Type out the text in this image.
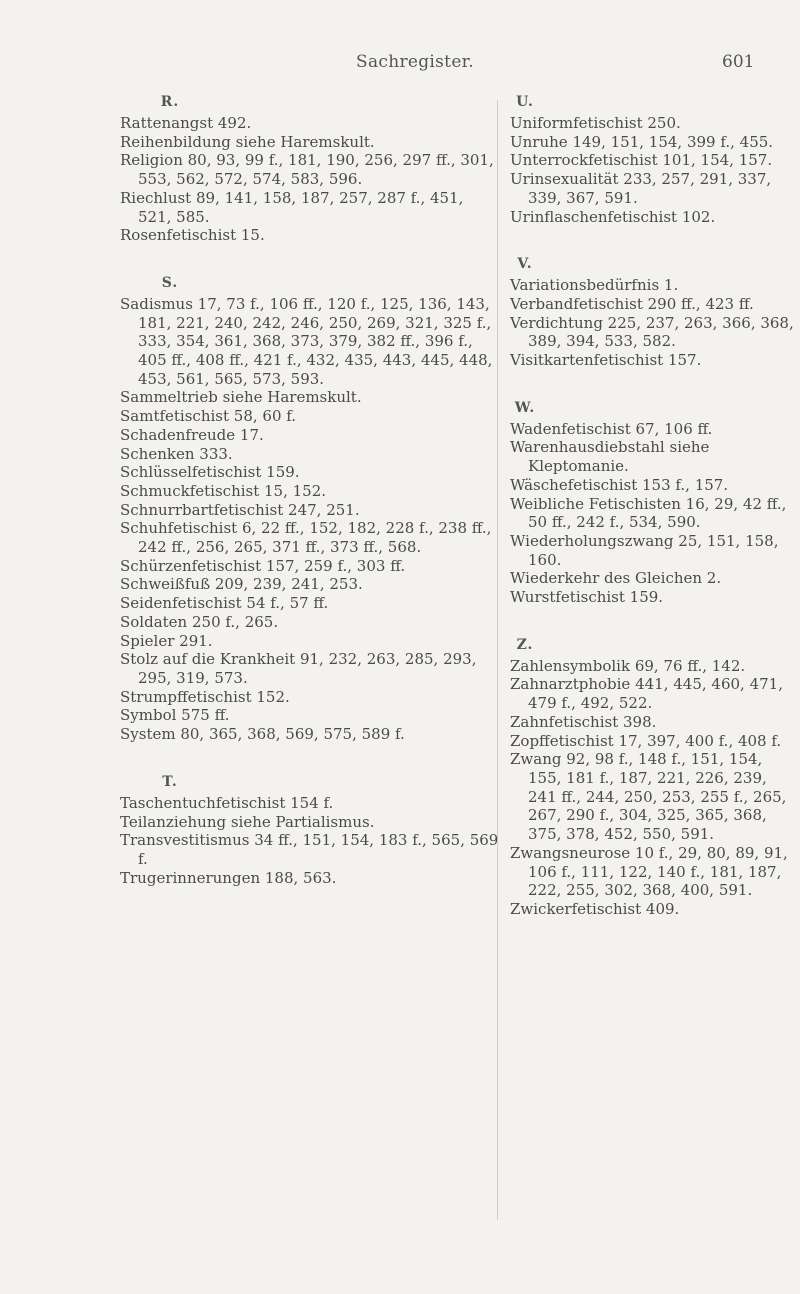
Sachregister.	601
R.
Rattenangst 492.
Reihenbildung siehe Haremskult.
Religion 80, 93, 99 f., 181, 190, 256, 297 ff., 301, 553, 562, 572, 574, 583, 596.
Riechlust 89, 141, 158, 187, 257, 287 f., 451, 521, 585.
Rosenfetischist 15.
S.
Sadismus 17, 73 f., 106 ff., 120 f., 125, 136, 143, 181, 221, 240, 242, 246, 250, 269, 321, 325 f., 333, 354, 361, 368, 373, 379, 382 ff., 396 f., 405 ff., 408 ff., 421 f., 432, 435, 443, 445, 448, 453, 561, 565, 573, 593.
Sammeltrieb siehe Haremskult.
Samtfetischist 58, 60 f.
Schadenfreude 17.
Schenken 333.
Schlüsselfetischist 159.
Schmuckfetischist 15, 152.
Schnurrbartfetischist 247, 251.
Schuhfetischist 6, 22 ff., 152, 182, 228 f., 238 ff., 242 ff., 256, 265, 371 ff., 373 ff., 568.
Schürzenfetischist 157, 259 f., 303 ff.
Schweißfuß 209, 239, 241, 253.
Seidenfetischist 54 f., 57 ff.
Soldaten 250 f., 265.
Spieler 291.
Stolz auf die Krankheit 91, 232, 263, 285, 293, 295, 319, 573.
Strumpffetischist 152.
Symbol 575 ff.
System 80, 365, 368, 569, 575, 589 f.
T.
Taschentuchfetischist 154 f.
Teilanziehung siehe Partialismus.
Transvestitismus 34 ff., 151, 154, 183 f., 565, 569 f.
Trugerinnerungen 188, 563.
U.
Uniformfetischist 250.
Unruhe 149, 151, 154, 399 f., 455.
Unterrockfetischist 101, 154, 157.
Urinsexualität 233, 257, 291, 337, 339, 367, 591.
Urinflaschenfetischist 102.
V.
Variationsbedürfnis 1.
Verbandfetischist 290 ff., 423 ff.
Verdichtung 225, 237, 263, 366, 368, 389, 394, 533, 582.
Visitkartenfetischist 157.
W.
Wadenfetischist 67, 106 ff.
Warenhausdiebstahl siehe Kleptomanie.
Wäschefetischist 153 f., 157.
Weibliche Fetischisten 16, 29, 42 ff., 50 ff., 242 f., 534, 590.
Wiederholungszwang 25, 151, 158, 160.
Wiederkehr des Gleichen 2.
Wurstfetischist 159.
Z.
Zahlensymbolik 69, 76 ff., 142.
Zahnarztphobie 441, 445, 460, 471, 479 f., 492, 522.
Zahnfetischist 398.
Zopffetischist 17, 397, 400 f., 408 f.
Zwang 92, 98 f., 148 f., 151, 154, 155, 181 f., 187, 221, 226, 239, 241 ff., 244, 250, 253, 255 f., 265, 267, 290 f., 304, 325, 365, 368, 375, 378, 452, 550, 591.
Zwangsneurose 10 f., 29, 80, 89, 91, 106 f., 111, 122, 140 f., 181, 187, 222, 255, 302, 368, 400, 591.
Zwickerfetischist 409.
